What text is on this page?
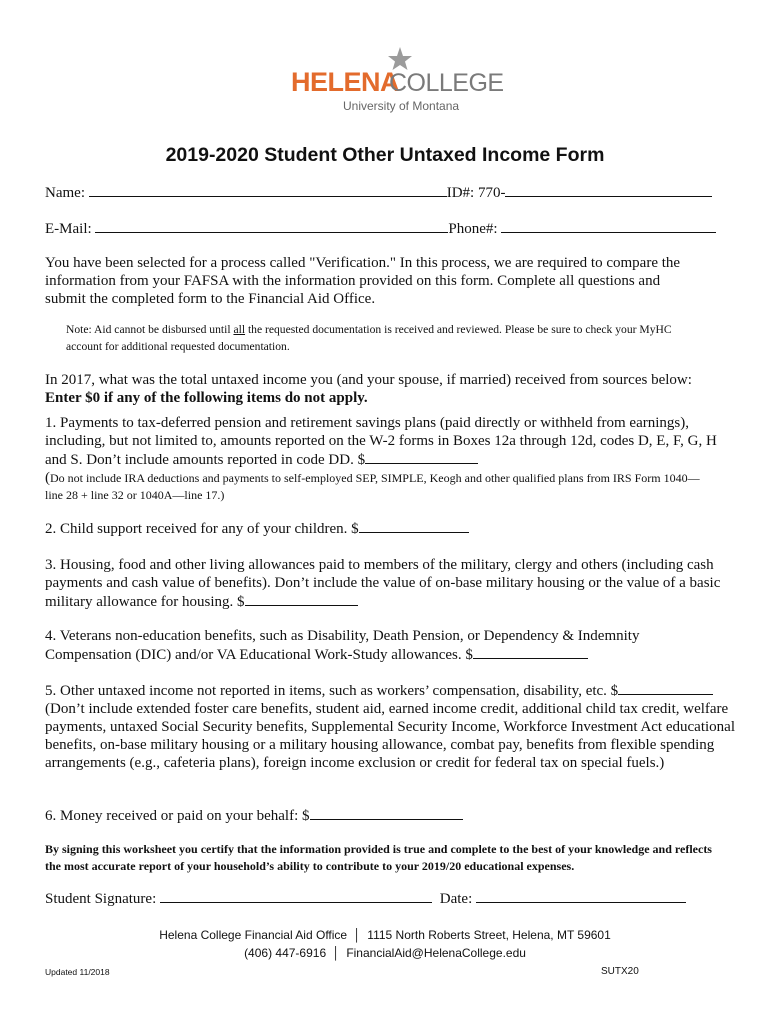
HELENA
COLLEGE
University of Montana
2019-2020 Student Other Untaxed Income Form
Name:	ID#: 770-
E-Mail:	Phone#:
You have been selected for a process called "Verification." In this process, we are required to compare the information from your FAFSA with the information provided on this form. Complete all questions and submit the completed form to the Financial Aid Office.
Note: Aid cannot be disbursed until all the requested documentation is received and reviewed. Please be sure to check your MyHC account for additional requested documentation.
In 2017, what was the total untaxed income you (and your spouse, if married) received from sources below:
Enter $0 if any of the following items do not apply.
1. Payments to tax-deferred pension and retirement savings plans (paid directly or withheld from earnings), including, but not limited to, amounts reported on the W-2 forms in Boxes 12a through 12d, codes D, E, F, G, H and S. Don’t include amounts reported in code DD. $
(Do not include IRA deductions and payments to self-employed SEP, SIMPLE, Keogh and other qualified plans from IRS Form 1040—line 28 + line 32 or 1040A—line 17.)
2. Child support received for any of your children. $
3. Housing, food and other living allowances paid to members of the military, clergy and others (including cash payments and cash value of benefits). Don’t include the value of on-base military housing or the value of a basic military allowance for housing. $
4. Veterans non-education benefits, such as Disability, Death Pension, or Dependency & Indemnity Compensation (DIC) and/or VA Educational Work-Study allowances. $
5. Other untaxed income not reported in items, such as workers’ compensation, disability, etc. $ (Don’t include extended foster care benefits, student aid, earned income credit, additional child tax credit, welfare payments, untaxed Social Security benefits, Supplemental Security Income, Workforce Investment Act educational benefits, on-base military housing or a military housing allowance, combat pay, benefits from flexible spending arrangements (e.g., cafeteria plans), foreign income exclusion or credit for federal tax on special fuels.)
6. Money received or paid on your behalf: $
By signing this worksheet you certify that the information provided is true and complete to the best of your knowledge and reflects the most accurate report of your household’s ability to contribute to your 2019/20 educational expenses.
Student Signature:	Date:
Helena College Financial Aid Office │ 1115 North Roberts Street, Helena, MT 59601
(406) 447-6916 │ FinancialAid@HelenaCollege.edu
Updated 11/2018	SUTX20
